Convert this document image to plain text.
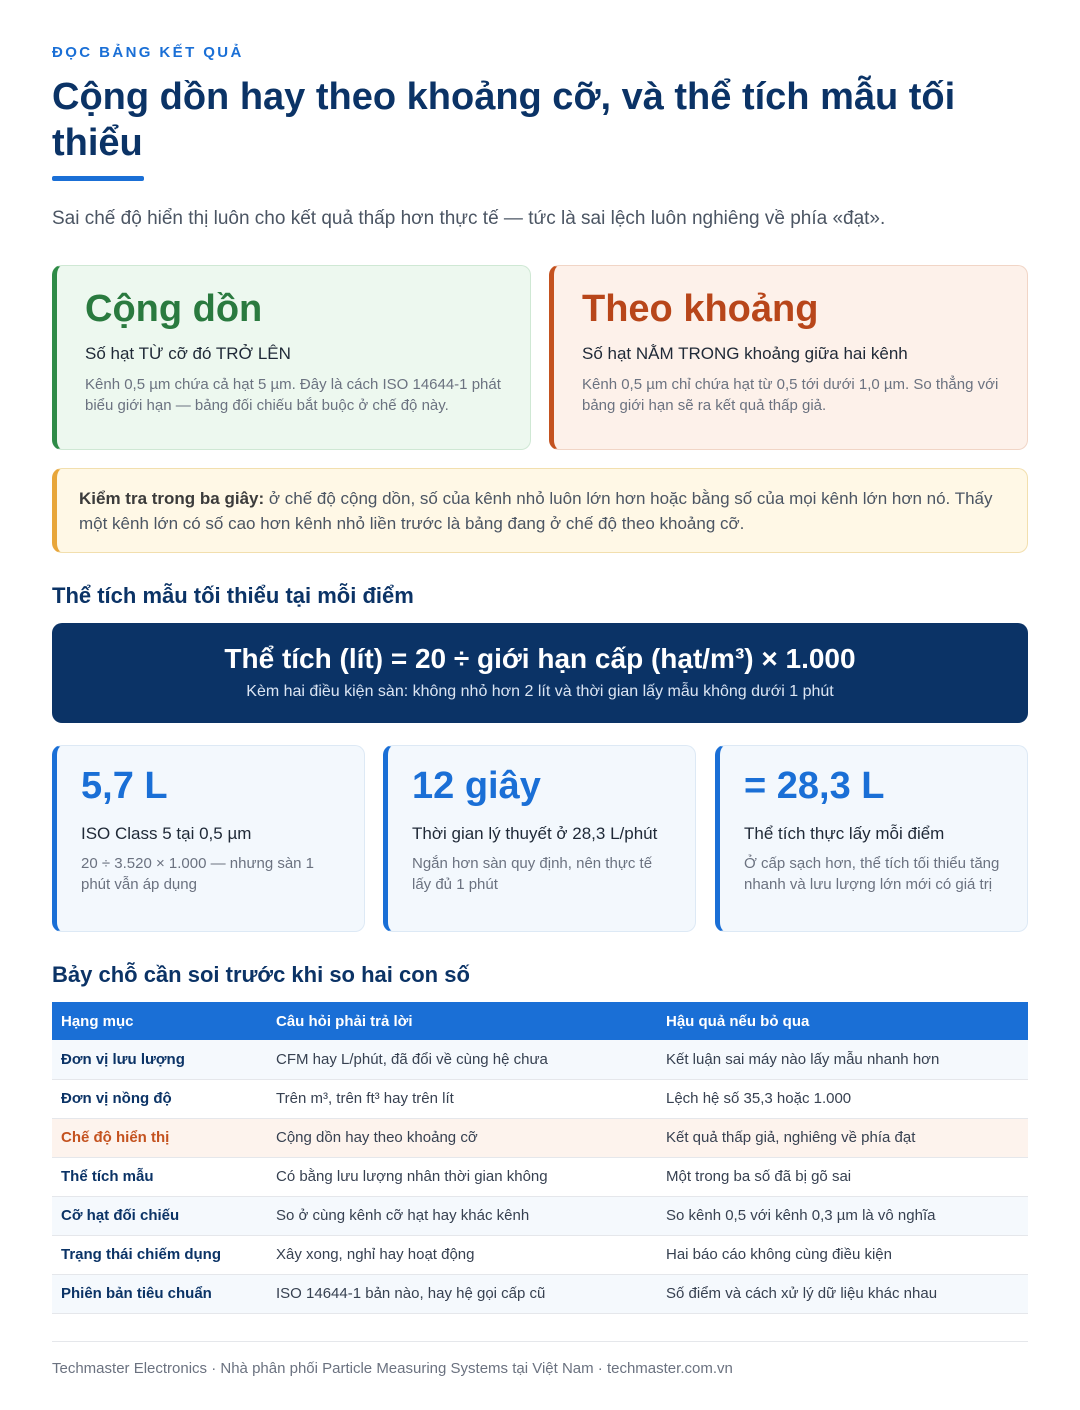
ĐỌC BẢNG KẾT QUẢ
Cộng dồn hay theo khoảng cỡ, và thể tích mẫu tối thiểu

Sai chế độ hiển thị luôn cho kết quả thấp hơn thực tế — tức là sai lệch luôn nghiêng về phía «đạt».

Cộng dồn
Số hạt TỪ cỡ đó TRỞ LÊN
Kênh 0,5 µm chứa cả hạt 5 µm. Đây là cách ISO 14644-1 phát biểu giới hạn — bảng đối chiếu bắt buộc ở chế độ này.
Theo khoảng
Số hạt NẰM TRONG khoảng giữa hai kênh
Kênh 0,5 µm chỉ chứa hạt từ 0,5 tới dưới 1,0 µm. So thẳng với bảng giới hạn sẽ ra kết quả thấp giả.
Kiểm tra trong ba giây: ở chế độ cộng dồn, số của kênh nhỏ luôn lớn hơn hoặc bằng số của mọi kênh lớn hơn nó. Thấy một kênh lớn có số cao hơn kênh nhỏ liền trước là bảng đang ở chế độ theo khoảng cỡ.
Thể tích mẫu tối thiểu tại mỗi điểm
Thể tích (lít) = 20 ÷ giới hạn cấp (hạt/m³) × 1.000
Kèm hai điều kiện sàn: không nhỏ hơn 2 lít và thời gian lấy mẫu không dưới 1 phút
5,7 L
ISO Class 5 tại 0,5 µm
20 ÷ 3.520 × 1.000 — nhưng sàn 1 phút vẫn áp dụng
12 giây
Thời gian lý thuyết ở 28,3 L/phút
Ngắn hơn sàn quy định, nên thực tế lấy đủ 1 phút
= 28,3 L
Thể tích thực lấy mỗi điểm
Ở cấp sạch hơn, thể tích tối thiểu tăng nhanh và lưu lượng lớn mới có giá trị
Bảy chỗ cần soi trước khi so hai con số
Hạng mục	Câu hỏi phải trả lời	Hậu quả nếu bỏ qua
Đơn vị lưu lượng	CFM hay L/phút, đã đổi về cùng hệ chưa	Kết luận sai máy nào lấy mẫu nhanh hơn
Đơn vị nồng độ	Trên m³, trên ft³ hay trên lít	Lệch hệ số 35,3 hoặc 1.000
Chế độ hiển thị	Cộng dồn hay theo khoảng cỡ	Kết quả thấp giả, nghiêng về phía đạt
Thể tích mẫu	Có bằng lưu lượng nhân thời gian không	Một trong ba số đã bị gõ sai
Cỡ hạt đối chiếu	So ở cùng kênh cỡ hạt hay khác kênh	So kênh 0,5 với kênh 0,3 µm là vô nghĩa
Trạng thái chiếm dụng	Xây xong, nghỉ hay hoạt động	Hai báo cáo không cùng điều kiện
Phiên bản tiêu chuẩn	ISO 14644-1 bản nào, hay hệ gọi cấp cũ	Số điểm và cách xử lý dữ liệu khác nhau
Techmaster Electronics · Nhà phân phối Particle Measuring Systems tại Việt Nam · techmaster.com.vn
